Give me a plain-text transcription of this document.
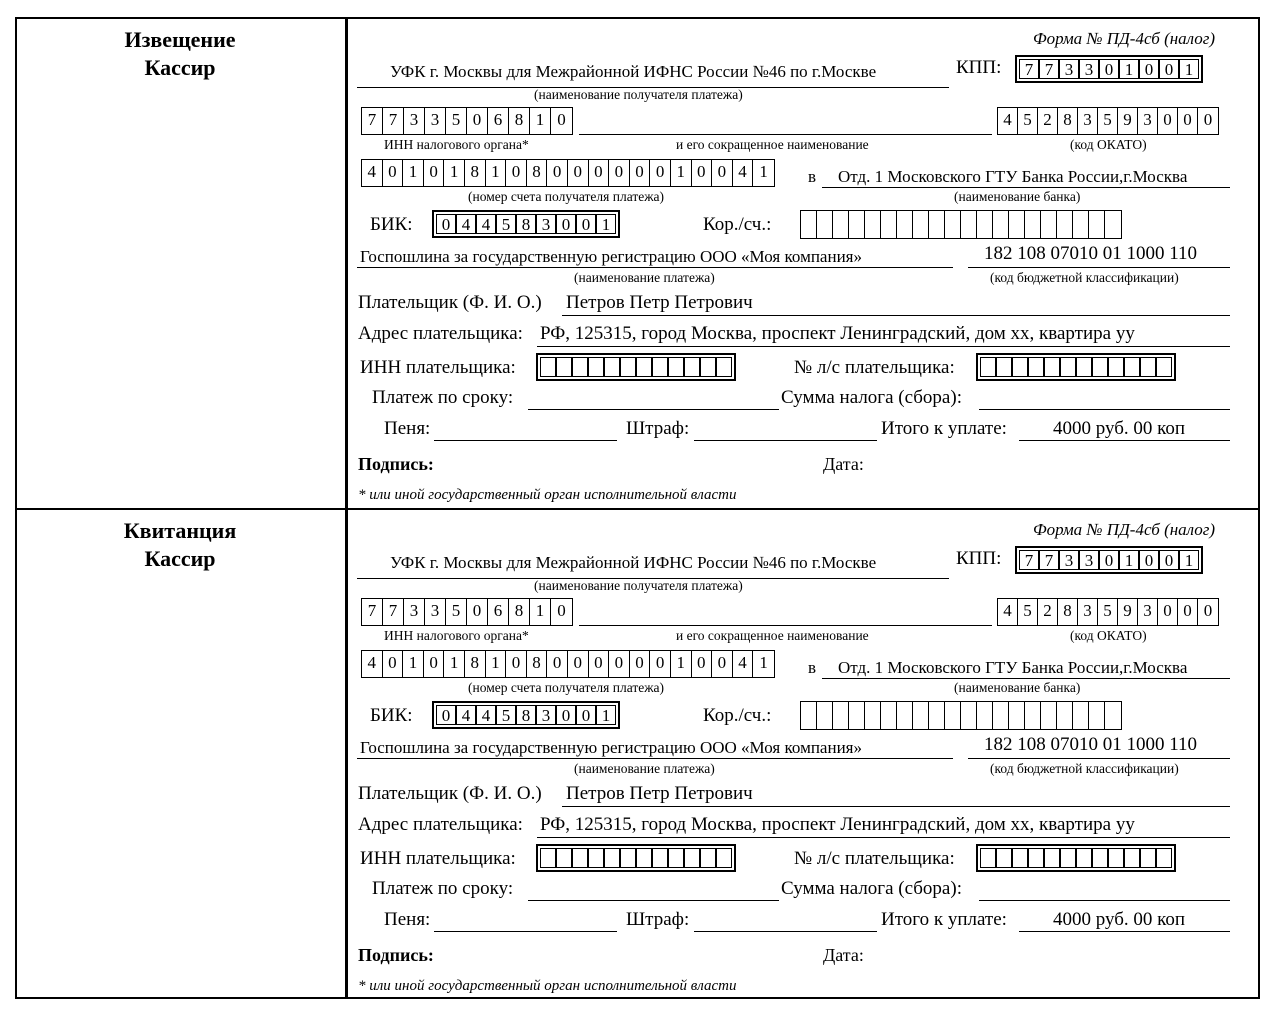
Извещение
Кассир
Квитанция
Кассир
Форма № ПД-4сб (налог)
УФК г. Москвы для Межрайонной ИФНС России №46 по г.Москве	КПП:	7 7 3 3 0 1 0 0 1
(наименование получателя платежа)
7 7 3 3 5 0 6 8 1 0	4 5 2 8 3 5 9 3 0 0 0
ИНН налогового органа*	и его сокращенное наименование	(код ОКАТО)
4 0 1 0 1 8 1 0 8 0 0 0 0 0 0 1 0 0 4 1	в Отд. 1 Московского ГТУ Банка России,г.Москва
(номер счета получателя платежа)	(наименование банка)
БИК:	0 4 4 5 8 3 0 0 1	Кор./сч.:
Госпошлина за государственную регистрацию ООО «Моя компания»	182 108 07010 01 1000 110
(наименование платежа)	(код бюджетной классификации)
Плательщик (Ф. И. О.) Петров Петр Петрович
Адрес плательщика: РФ, 125315, город Москва, проспект Ленинградский, дом хх, квартира уу
ИНН плательщика:	№ л/с плательщика:
Платеж по сроку:	Сумма налога (сбора):
Пеня:	Штраф:	Итого к уплате: 4000 руб. 00 коп
Подпись:	Дата:
* или иной государственный орган исполнительной власти
Форма № ПД-4сб (налог)
УФК г. Москвы для Межрайонной ИФНС России №46 по г.Москве	КПП:	7 7 3 3 0 1 0 0 1
(наименование получателя платежа)
7 7 3 3 5 0 6 8 1 0	4 5 2 8 3 5 9 3 0 0 0
ИНН налогового органа*	и его сокращенное наименование	(код ОКАТО)
4 0 1 0 1 8 1 0 8 0 0 0 0 0 0 1 0 0 4 1	в Отд. 1 Московского ГТУ Банка России,г.Москва
(номер счета получателя платежа)	(наименование банка)
БИК:	0 4 4 5 8 3 0 0 1	Кор./сч.:
Госпошлина за государственную регистрацию ООО «Моя компания»	182 108 07010 01 1000 110
(наименование платежа)	(код бюджетной классификации)
Плательщик (Ф. И. О.) Петров Петр Петрович
Адрес плательщика: РФ, 125315, город Москва, проспект Ленинградский, дом хх, квартира уу
ИНН плательщика:	№ л/с плательщика:
Платеж по сроку:	Сумма налога (сбора):
Пеня:	Штраф:	Итого к уплате: 4000 руб. 00 коп
Подпись:	Дата:
* или иной государственный орган исполнительной власти
